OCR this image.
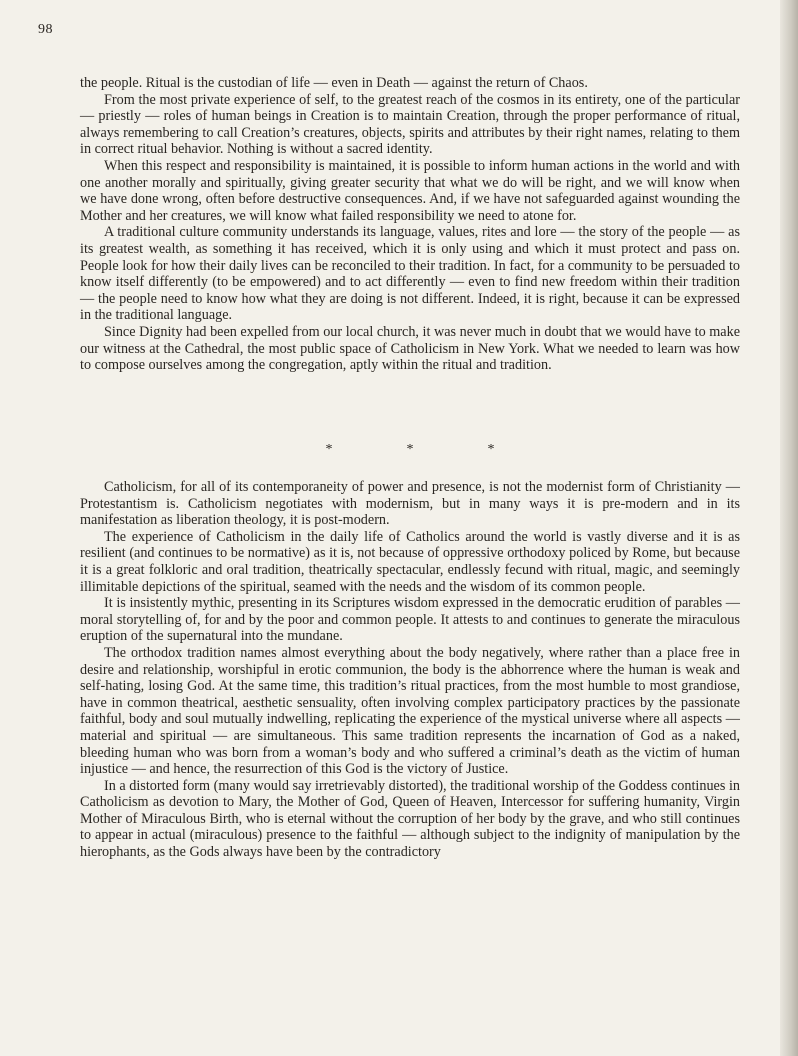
98

the people. Ritual is the custodian of life — even in Death — against the return of Chaos.

From the most private experience of self, to the greatest reach of the cosmos in its entirety, one of the particular — priestly — roles of human beings in Creation is to maintain Creation, through the proper performance of ritual, always remembering to call Creation’s creatures, objects, spirits and attributes by their right names, relating to them in correct ritual behavior. Nothing is without a sacred identity.

When this respect and responsibility is maintained, it is possible to inform human actions in the world and with one another morally and spiritually, giving greater security that what we do will be right, and we will know when we have done wrong, often before destructive consequences. And, if we have not safeguarded against wounding the Mother and her creatures, we will know what failed responsibility we need to atone for.

A traditional culture community understands its language, values, rites and lore — the story of the people — as its greatest wealth, as something it has received, which it is only using and which it must protect and pass on. People look for how their daily lives can be reconciled to their tradition. In fact, for a community to be persuaded to know itself differently (to be empowered) and to act differently — even to find new freedom within their tradition — the people need to know how what they are doing is not different. Indeed, it is right, because it can be expressed in the traditional language.

Since Dignity had been expelled from our local church, it was never much in doubt that we would have to make our witness at the Cathedral, the most public space of Catholicism in New York. What we needed to learn was how to compose ourselves among the congregation, aptly within the ritual and tradition.

*	*	*

Catholicism, for all of its contemporaneity of power and presence, is not the modernist form of Christianity — Protestantism is. Catholicism negotiates with modernism, but in many ways it is pre-modern and in its manifestation as liberation theology, it is post-modern.

The experience of Catholicism in the daily life of Catholics around the world is vastly diverse and it is as resilient (and continues to be normative) as it is, not because of oppressive orthodoxy policed by Rome, but because it is a great folkloric and oral tradition, theatrically spectacular, endlessly fecund with ritual, magic, and seemingly illimitable depictions of the spiritual, seamed with the needs and the wisdom of its common people.

It is insistently mythic, presenting in its Scriptures wisdom expressed in the democratic erudition of parables — moral storytelling of, for and by the poor and common people. It attests to and continues to generate the miraculous eruption of the supernatural into the mundane.

The orthodox tradition names almost everything about the body negatively, where rather than a place free in desire and relationship, worshipful in erotic communion, the body is the abhorrence where the human is weak and self-hating, losing God. At the same time, this tradition’s ritual practices, from the most humble to most grandiose, have in common theatrical, aesthetic sensuality, often involving complex participatory practices by the passionate faithful, body and soul mutually indwelling, replicating the experience of the mystical universe where all aspects — material and spiritual — are simultaneous. This same tradition represents the incarnation of God as a naked, bleeding human who was born from a woman’s body and who suffered a criminal’s death as the victim of human injustice — and hence, the resurrection of this God is the victory of Justice.

In a distorted form (many would say irretrievably distorted), the traditional worship of the Goddess continues in Catholicism as devotion to Mary, the Mother of God, Queen of Heaven, Intercessor for suffering humanity, Virgin Mother of Miraculous Birth, who is eternal without the corruption of her body by the grave, and who still continues to appear in actual (miraculous) presence to the faithful — although subject to the indignity of manipulation by the hierophants, as the Gods always have been by the contradictory
